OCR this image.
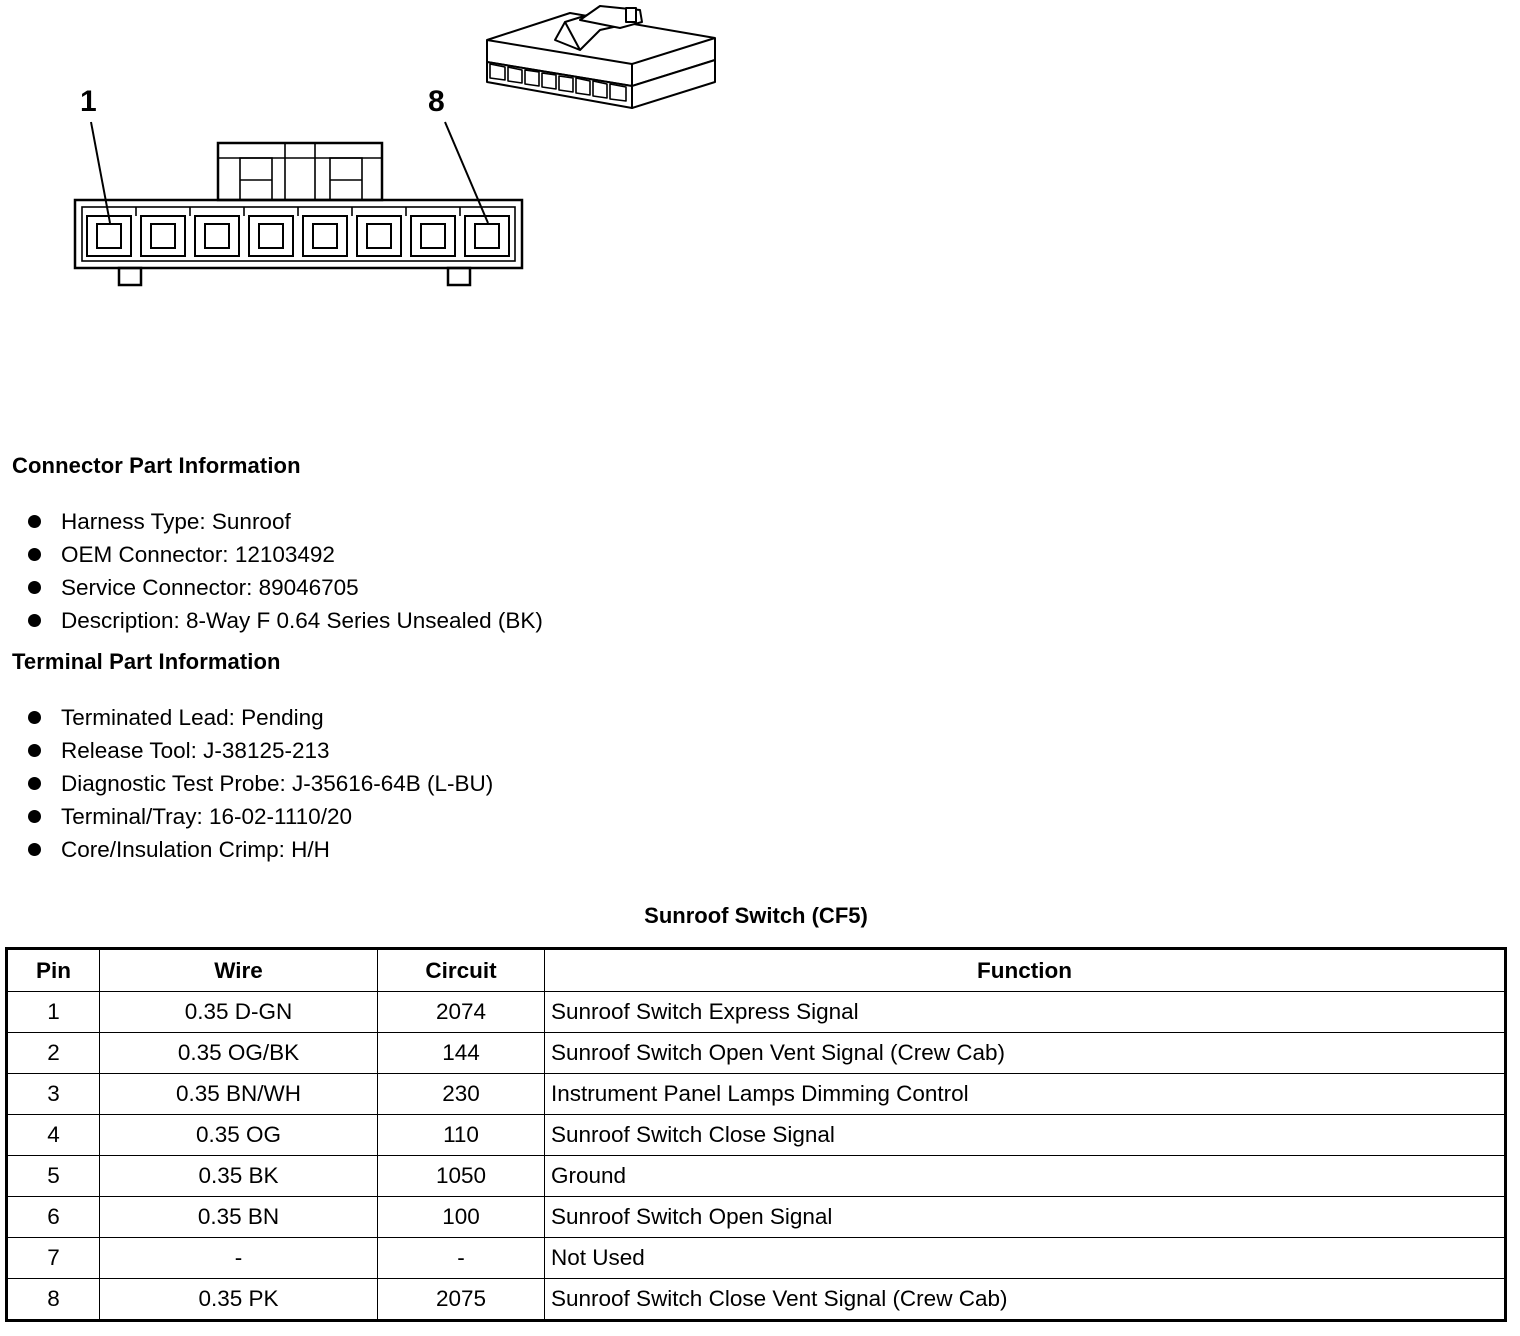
1	8
Connector Part Information
Harness Type: Sunroof
OEM Connector: 12103492
Service Connector: 89046705
Description: 8-Way F 0.64 Series Unsealed (BK)
Terminal Part Information
Terminated Lead: Pending
Release Tool: J-38125-213
Diagnostic Test Probe: J-35616-64B (L-BU)
Terminal/Tray: 16-02-1110/20
Core/Insulation Crimp: H/H
Sunroof Switch (CF5)
Pin	Wire	Circuit	Function
1	0.35 D-GN	2074	Sunroof Switch Express Signal
2	0.35 OG/BK	144	Sunroof Switch Open Vent Signal (Crew Cab)
3	0.35 BN/WH	230	Instrument Panel Lamps Dimming Control
4	0.35 OG	110	Sunroof Switch Close Signal
5	0.35 BK	1050	Ground
6	0.35 BN	100	Sunroof Switch Open Signal
7	-	-	Not Used
8	0.35 PK	2075	Sunroof Switch Close Vent Signal (Crew Cab)
